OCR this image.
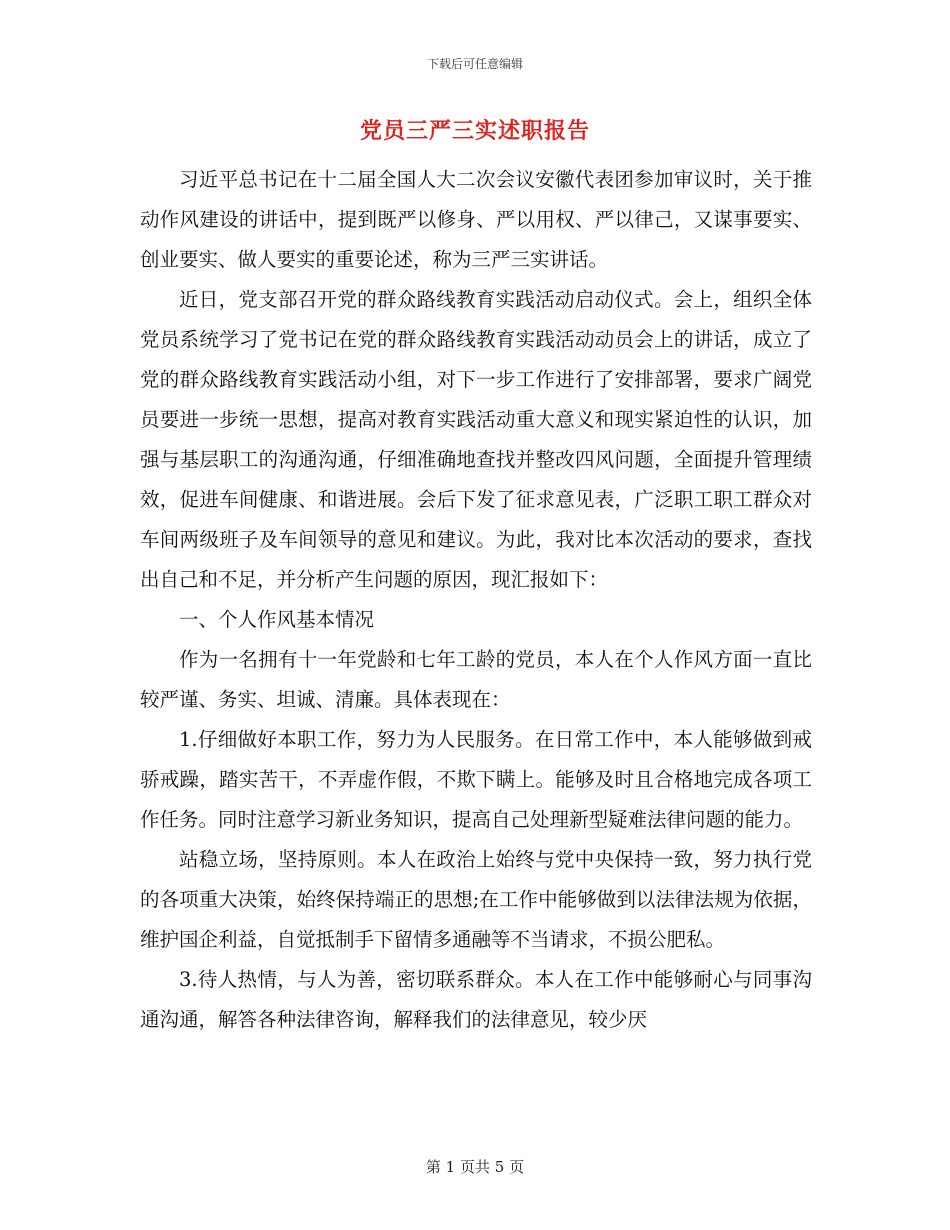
下载后可任意编辑
党员三严三实述职报告

习近平总书记在十二届全国人大二次会议安徽代表团参加审议时，关于推动作风建设的讲话中，提到既严以修身、严以用权、严以律己，又谋事要实、创业要实、做人要实的重要论述，称为三严三实讲话。

近日，党支部召开党的群众路线教育实践活动启动仪式。会上，组织全体党员系统学习了党书记在党的群众路线教育实践活动动员会上的讲话，成立了党的群众路线教育实践活动小组，对下一步工作进行了安排部署，要求广阔党员要进一步统一思想，提高对教育实践活动重大意义和现实紧迫性的认识，加强与基层职工的沟通沟通，仔细准确地查找并整改四风问题，全面提升管理绩效，促进车间健康、和谐进展。会后下发了征求意见表，广泛职工职工群众对车间两级班子及车间领导的意见和建议。为此，我对比本次活动的要求，查找出自己和不足，并分析产生问题的原因，现汇报如下：

一、个人作风基本情况

作为一名拥有十一年党龄和七年工龄的党员，本人在个人作风方面一直比较严谨、务实、坦诚、清廉。具体表现在：

1.仔细做好本职工作，努力为人民服务。在日常工作中，本人能够做到戒骄戒躁，踏实苦干，不弄虚作假，不欺下瞒上。能够及时且合格地完成各项工作任务。同时注意学习新业务知识，提高自己处理新型疑难法律问题的能力。

站稳立场，坚持原则。本人在政治上始终与党中央保持一致，努力执行党的各项重大决策，始终保持端正的思想;在工作中能够做到以法律法规为依据，维护国企利益，自觉抵制手下留情多通融等不当请求，不损公肥私。

3.待人热情，与人为善，密切联系群众。本人在工作中能够耐心与同事沟通沟通，解答各种法律咨询，解释我们的法律意见，较少厌

第 1 页共 5 页
